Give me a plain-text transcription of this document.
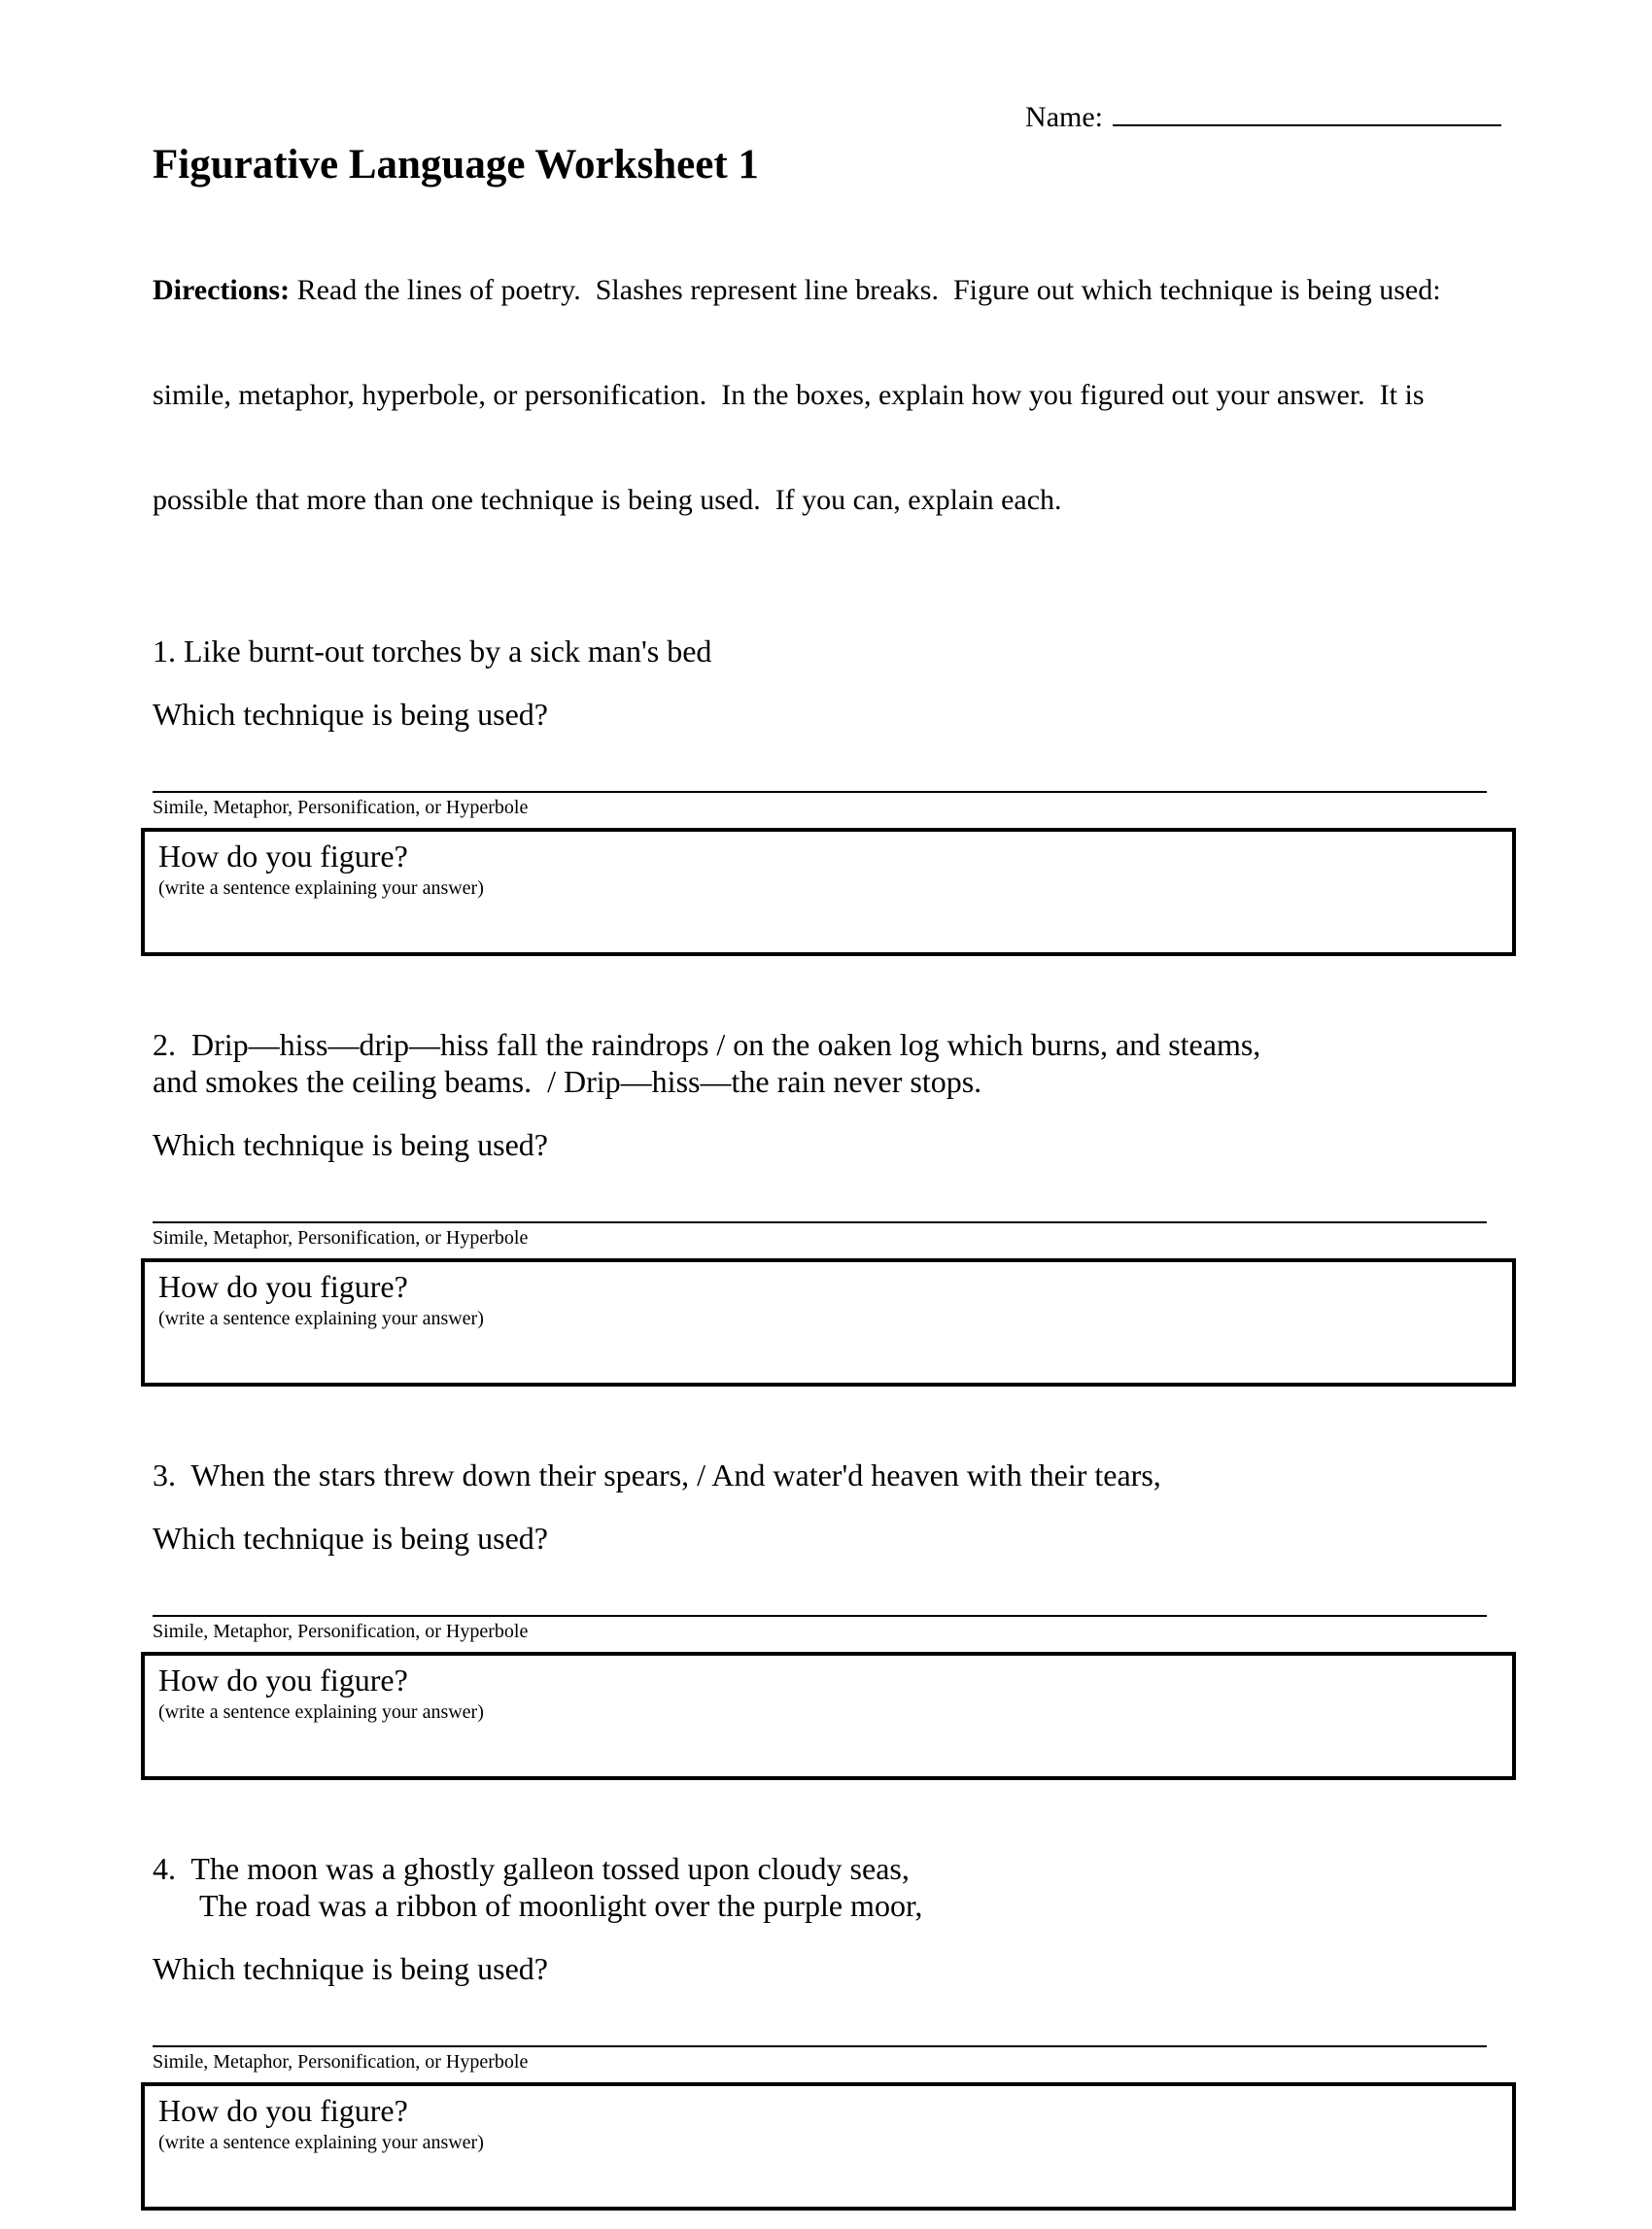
Name:
Figurative Language Worksheet 1

Directions: Read the lines of poetry.  Slashes represent line breaks.  Figure out which technique is being used:

simile, metaphor, hyperbole, or personification.  In the boxes, explain how you figured out your answer.  It is

possible that more than one technique is being used.  If you can, explain each.

1. Like burnt-out torches by a sick man's bed
Which technique is being used?
Simile, Metaphor, Personification, or Hyperbole
How do you figure?
(write a sentence explaining your answer)
2.  Drip—hiss—drip—hiss fall the raindrops / on the oaken log which burns, and steams,
and smokes the ceiling beams.  / Drip—hiss—the rain never stops.
Which technique is being used?
Simile, Metaphor, Personification, or Hyperbole
How do you figure?
(write a sentence explaining your answer)
3.  When the stars threw down their spears, / And water'd heaven with their tears,
Which technique is being used?
Simile, Metaphor, Personification, or Hyperbole
How do you figure?
(write a sentence explaining your answer)
4.  The moon was a ghostly galleon tossed upon cloudy seas,
The road was a ribbon of moonlight over the purple moor,
Which technique is being used?
Simile, Metaphor, Personification, or Hyperbole
How do you figure?
(write a sentence explaining your answer)
